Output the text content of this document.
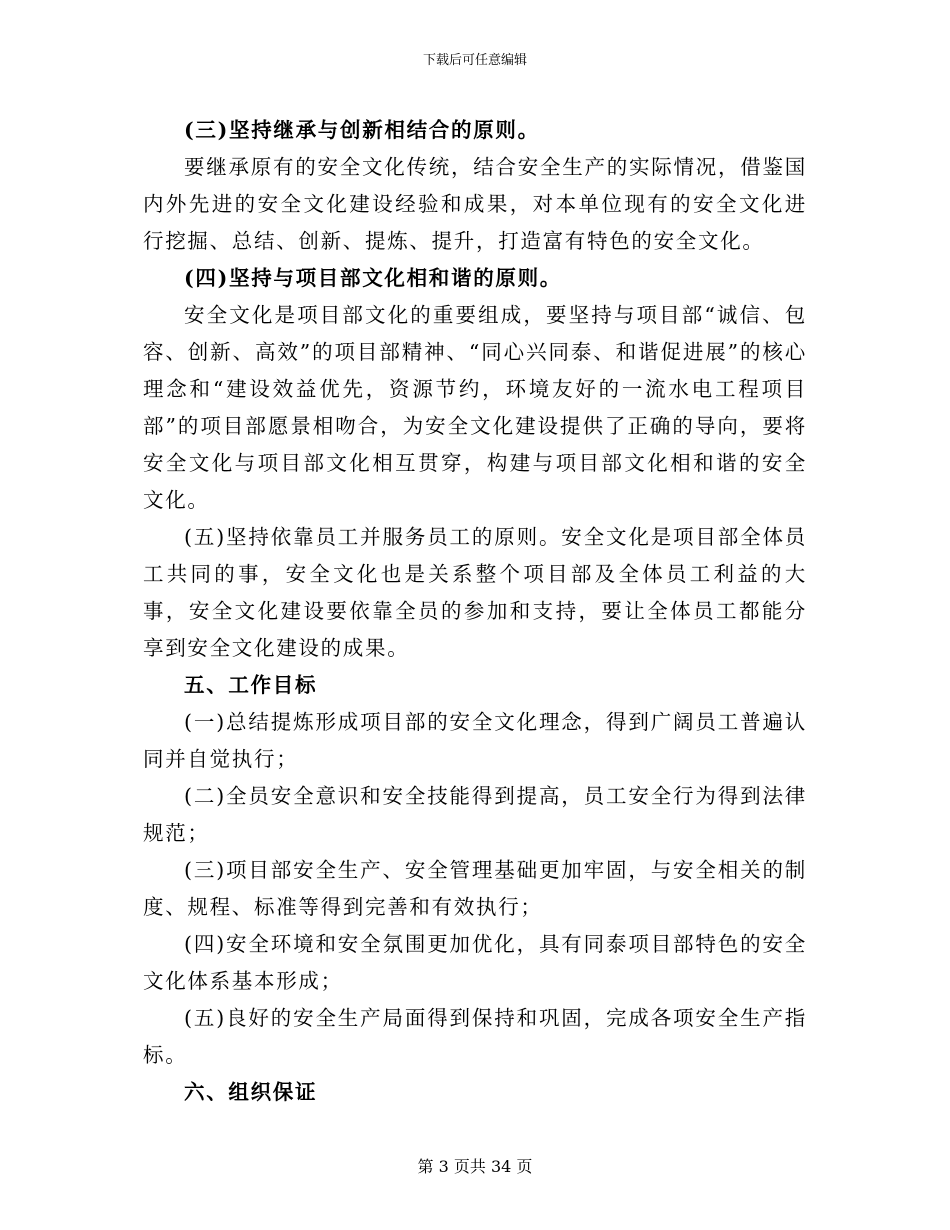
下载后可任意编辑

(三)坚持继承与创新相结合的原则。

要继承原有的安全文化传统，结合安全生产的实际情况，借鉴国内外先进的安全文化建设经验和成果，对本单位现有的安全文化进行挖掘、总结、创新、提炼、提升，打造富有特色的安全文化。

(四)坚持与项目部文化相和谐的原则。

安全文化是项目部文化的重要组成，要坚持与项目部“诚信、包容、创新、高效”的项目部精神、“同心兴同泰、和谐促进展”的核心理念和“建设效益优先，资源节约，环境友好的一流水电工程项目部”的项目部愿景相吻合，为安全文化建设提供了正确的导向，要将安全文化与项目部文化相互贯穿，构建与项目部文化相和谐的安全文化。

(五)坚持依靠员工并服务员工的原则。安全文化是项目部全体员工共同的事，安全文化也是关系整个项目部及全体员工利益的大事，安全文化建设要依靠全员的参加和支持，要让全体员工都能分享到安全文化建设的成果。

五、工作目标

(一)总结提炼形成项目部的安全文化理念，得到广阔员工普遍认同并自觉执行；

(二)全员安全意识和安全技能得到提高，员工安全行为得到法律规范；

(三)项目部安全生产、安全管理基础更加牢固，与安全相关的制度、规程、标准等得到完善和有效执行；

(四)安全环境和安全氛围更加优化，具有同泰项目部特色的安全文化体系基本形成；

(五)良好的安全生产局面得到保持和巩固，完成各项安全生产指标。

六、组织保证

第 3 页共 34 页
